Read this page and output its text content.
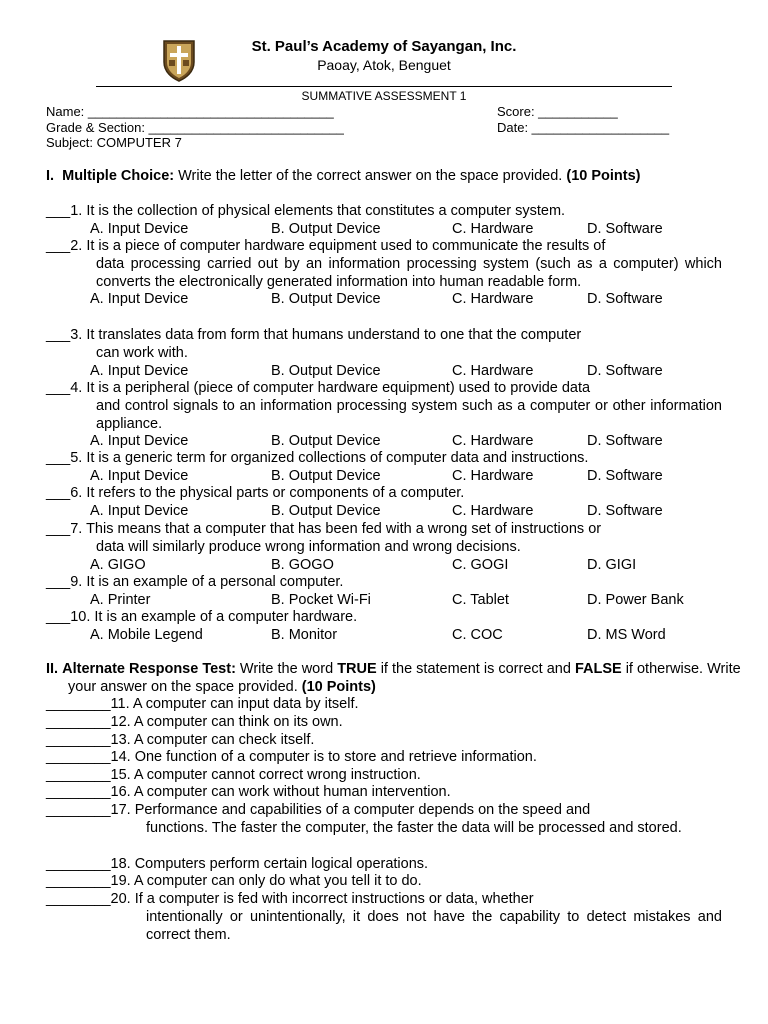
St. Paul’s Academy of Sayangan, Inc.
Paoay, Atok, Benguet
SUMMATIVE ASSESSMENT 1
Name: __________________________________	Score: ___________
Grade & Section: ___________________________	Date: ___________________
Subject: COMPUTER 7
I. Multiple Choice: Write the letter of the correct answer on the space provided. (10 Points)
___1. It is the collection of physical elements that constitutes a computer system.
A. Input Device	B. Output Device	C. Hardware	D. Software
___2. It is a piece of computer hardware equipment used to communicate the results of
data processing carried out by an information processing system (such as a computer) which converts the electronically generated information into human readable form.
A. Input Device	B. Output Device	C. Hardware	D. Software
___3. It translates data from form that humans understand to one that the computer
can work with.
A. Input Device	B. Output Device	C. Hardware	D. Software
___4. It is a peripheral (piece of computer hardware equipment) used to provide data
and control signals to an information processing system such as a computer or other information appliance.
A. Input Device	B. Output Device	C. Hardware	D. Software
___5. It is a generic term for organized collections of computer data and instructions.
A. Input Device	B. Output Device	C. Hardware	D. Software
___6. It refers to the physical parts or components of a computer.
A. Input Device	B. Output Device	C. Hardware	D. Software
___7. This means that a computer that has been fed with a wrong set of instructions or
data will similarly produce wrong information and wrong decisions.
A. GIGO	B. GOGO	C. GOGI	D. GIGI
___9. It is an example of a personal computer.
A. Printer	B. Pocket Wi-Fi	C. Tablet	D. Power Bank
___10. It is an example of a computer hardware.
A. Mobile Legend	B. Monitor	C. COC	D. MS Word
II. Alternate Response Test: Write the word TRUE if the statement is correct and FALSE if otherwise. Write your answer on the space provided. (10 Points)
________11. A computer can input data by itself.
________12. A computer can think on its own.
________13. A computer can check itself.
________14. One function of a computer is to store and retrieve information.
________15. A computer cannot correct wrong instruction.
________16. A computer can work without human intervention.
________17. Performance and capabilities of a computer depends on the speed and
functions. The faster the computer, the faster the data will be processed and stored.
________18. Computers perform certain logical operations.
________19. A computer can only do what you tell it to do.
________20. If a computer is fed with incorrect instructions or data, whether
intentionally or unintentionally, it does not have the capability to detect mistakes and correct them.
